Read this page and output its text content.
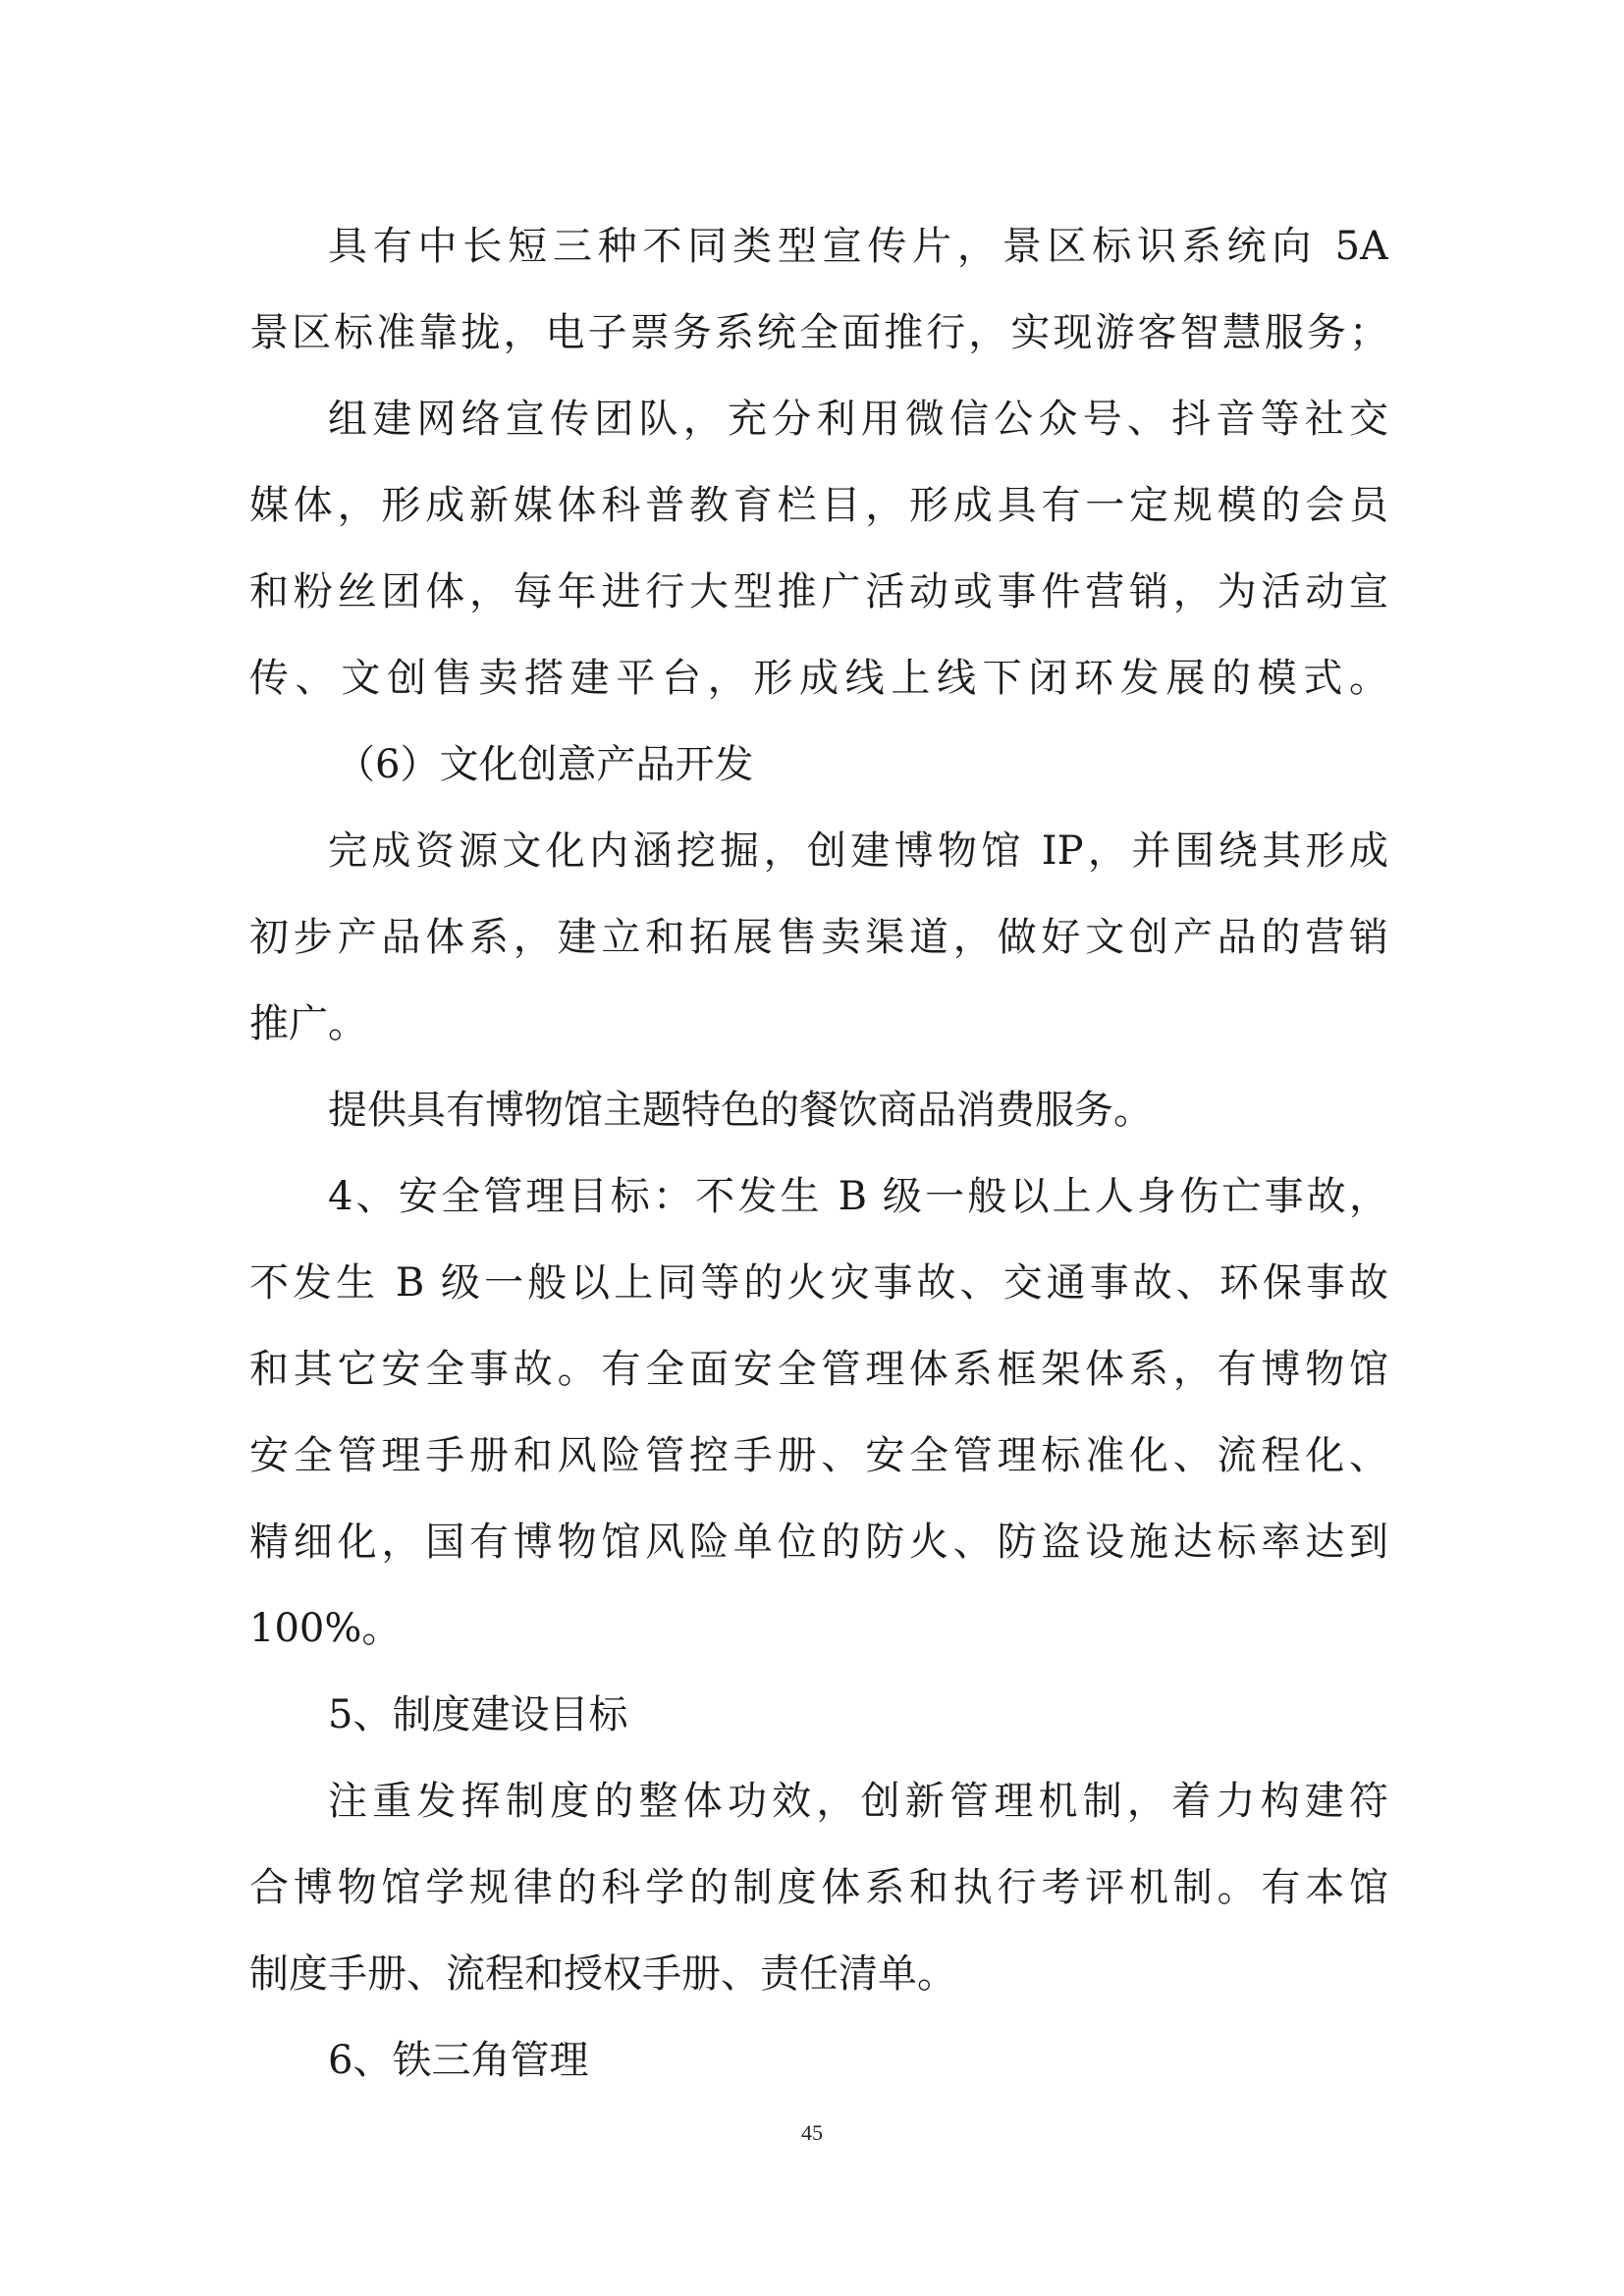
具有中长短三种不同类型宣传片，景区标识系统向 5A
景区标准靠拢，电子票务系统全面推行，实现游客智慧服务；
组建网络宣传团队，充分利用微信公众号、抖音等社交
媒体，形成新媒体科普教育栏目，形成具有一定规模的会员
和粉丝团体，每年进行大型推广活动或事件营销，为活动宣
传、文创售卖搭建平台，形成线上线下闭环发展的模式。
（6）文化创意产品开发
完成资源文化内涵挖掘，创建博物馆 IP，并围绕其形成
初步产品体系，建立和拓展售卖渠道，做好文创产品的营销
推广。
提供具有博物馆主题特色的餐饮商品消费服务。
4、安全管理目标：不发生 B 级一般以上人身伤亡事故，
不发生 B 级一般以上同等的火灾事故、交通事故、环保事故
和其它安全事故。有全面安全管理体系框架体系，有博物馆
安全管理手册和风险管控手册、安全管理标准化、流程化、
精细化，国有博物馆风险单位的防火、防盗设施达标率达到
100%。
5、制度建设目标
注重发挥制度的整体功效，创新管理机制，着力构建符
合博物馆学规律的科学的制度体系和执行考评机制。有本馆
制度手册、流程和授权手册、责任清单。
6、铁三角管理
45
